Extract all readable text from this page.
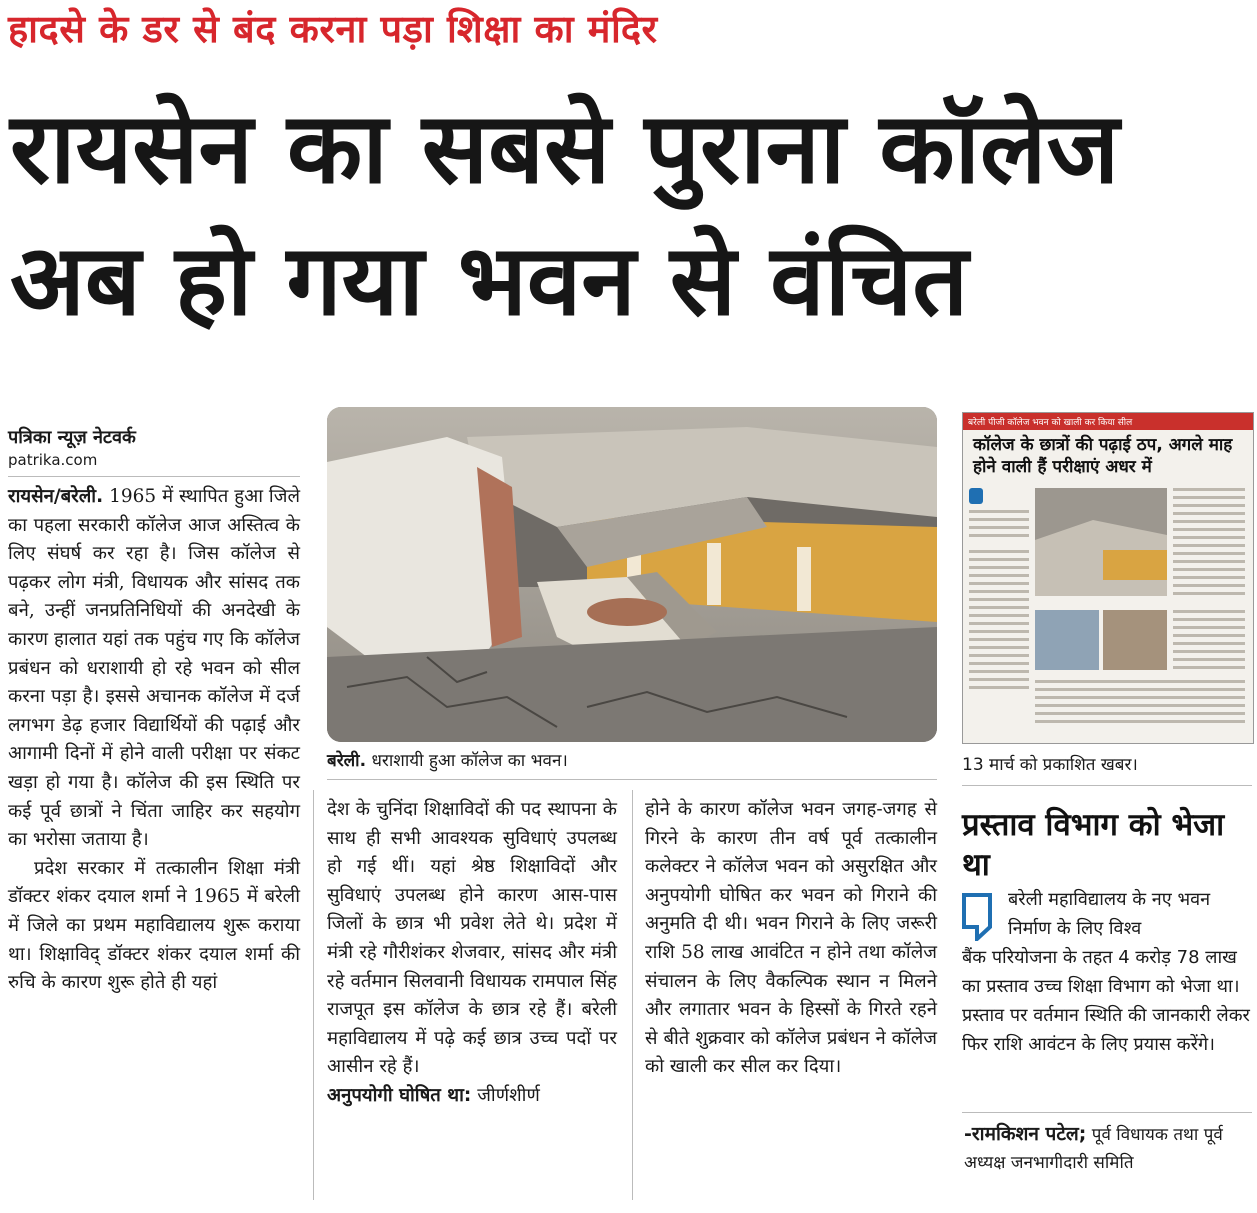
हादसे के डर से बंद करना पड़ा शिक्षा का मंदिर
रायसेन का सबसे पुराना कॉलेज
अब हो गया भवन से वंचित
पत्रिका न्यूज़ नेटवर्क
patrika.com

रायसेन/बरेली. 1965 में स्थापित हुआ जिले का पहला सरकारी कॉलेज आज अस्तित्व के लिए संघर्ष कर रहा है। जिस कॉलेज से पढ़कर लोग मंत्री, विधायक और सांसद तक बने, उन्हीं जनप्रतिनिधियों की अनदेखी के कारण हालात यहां तक पहुंच गए कि कॉलेज प्रबंधन को धराशायी हो रहे भवन को सील करना पड़ा है। इससे अचानक कॉलेज में दर्ज लगभग डेढ़ हजार विद्यार्थियों की पढ़ाई और आगामी दिनों में होने वाली परीक्षा पर संकट खड़ा हो गया है। कॉलेज की इस स्थिति पर कई पूर्व छात्रों ने चिंता जाहिर कर सहयोग का भरोसा जताया है।

प्रदेश सरकार में तत्कालीन शिक्षा मंत्री डॉक्टर शंकर दयाल शर्मा ने 1965 में बरेली में जिले का प्रथम महाविद्यालय शुरू कराया था। शिक्षाविद् डॉक्टर शंकर दयाल शर्मा की रुचि के कारण शुरू होते ही यहां

बरेली. धराशायी हुआ कॉलेज का भवन।

देश के चुनिंदा शिक्षाविदों की पद स्थापना के साथ ही सभी आवश्यक सुविधाएं उपलब्ध हो गई थीं। यहां श्रेष्ठ शिक्षाविदों और सुविधाएं उपलब्ध होने कारण आस-पास जिलों के छात्र भी प्रवेश लेते थे। प्रदेश में मंत्री रहे गौरीशंकर शेजवार, सांसद और मंत्री रहे वर्तमान सिलवानी विधायक रामपाल सिंह राजपूत इस कॉलेज के छात्र रहे हैं। बरेली महाविद्यालय में पढ़े कई छात्र उच्च पदों पर आसीन रहे हैं।

अनुपयोगी घोषित था: जीर्णशीर्ण

होने के कारण कॉलेज भवन जगह-जगह से गिरने के कारण तीन वर्ष पूर्व तत्कालीन कलेक्टर ने कॉलेज भवन को असुरक्षित और अनुपयोगी घोषित कर भवन को गिराने की अनुमति दी थी। भवन गिराने के लिए जरूरी राशि 58 लाख आवंटित न होने तथा कॉलेज संचालन के लिए वैकल्पिक स्थान न मिलने और लगातार भवन के हिस्सों के गिरते रहने से बीते शुक्रवार को कॉलेज प्रबंधन ने कॉलेज को खाली कर सील कर दिया।

बरेली पीजी कॉलेज भवन को खाली कर किया सील
कॉलेज के छात्रों की पढ़ाई ठप, अगले माह होने वाली हैं परीक्षाएं अधर में
13 मार्च को प्रकाशित खबर।
प्रस्ताव विभाग को भेजा था
बरेली महाविद्यालय के नए भवन निर्माण के लिए विश्व
बैंक परियोजना के तहत 4 करोड़ 78 लाख का प्रस्ताव उच्च शिक्षा विभाग को भेजा था। प्रस्ताव पर वर्तमान स्थिति की जानकारी लेकर फिर राशि आवंटन के लिए प्रयास करेंगे।
-रामकिशन पटेल; पूर्व विधायक तथा पूर्व अध्यक्ष जनभागीदारी समिति
